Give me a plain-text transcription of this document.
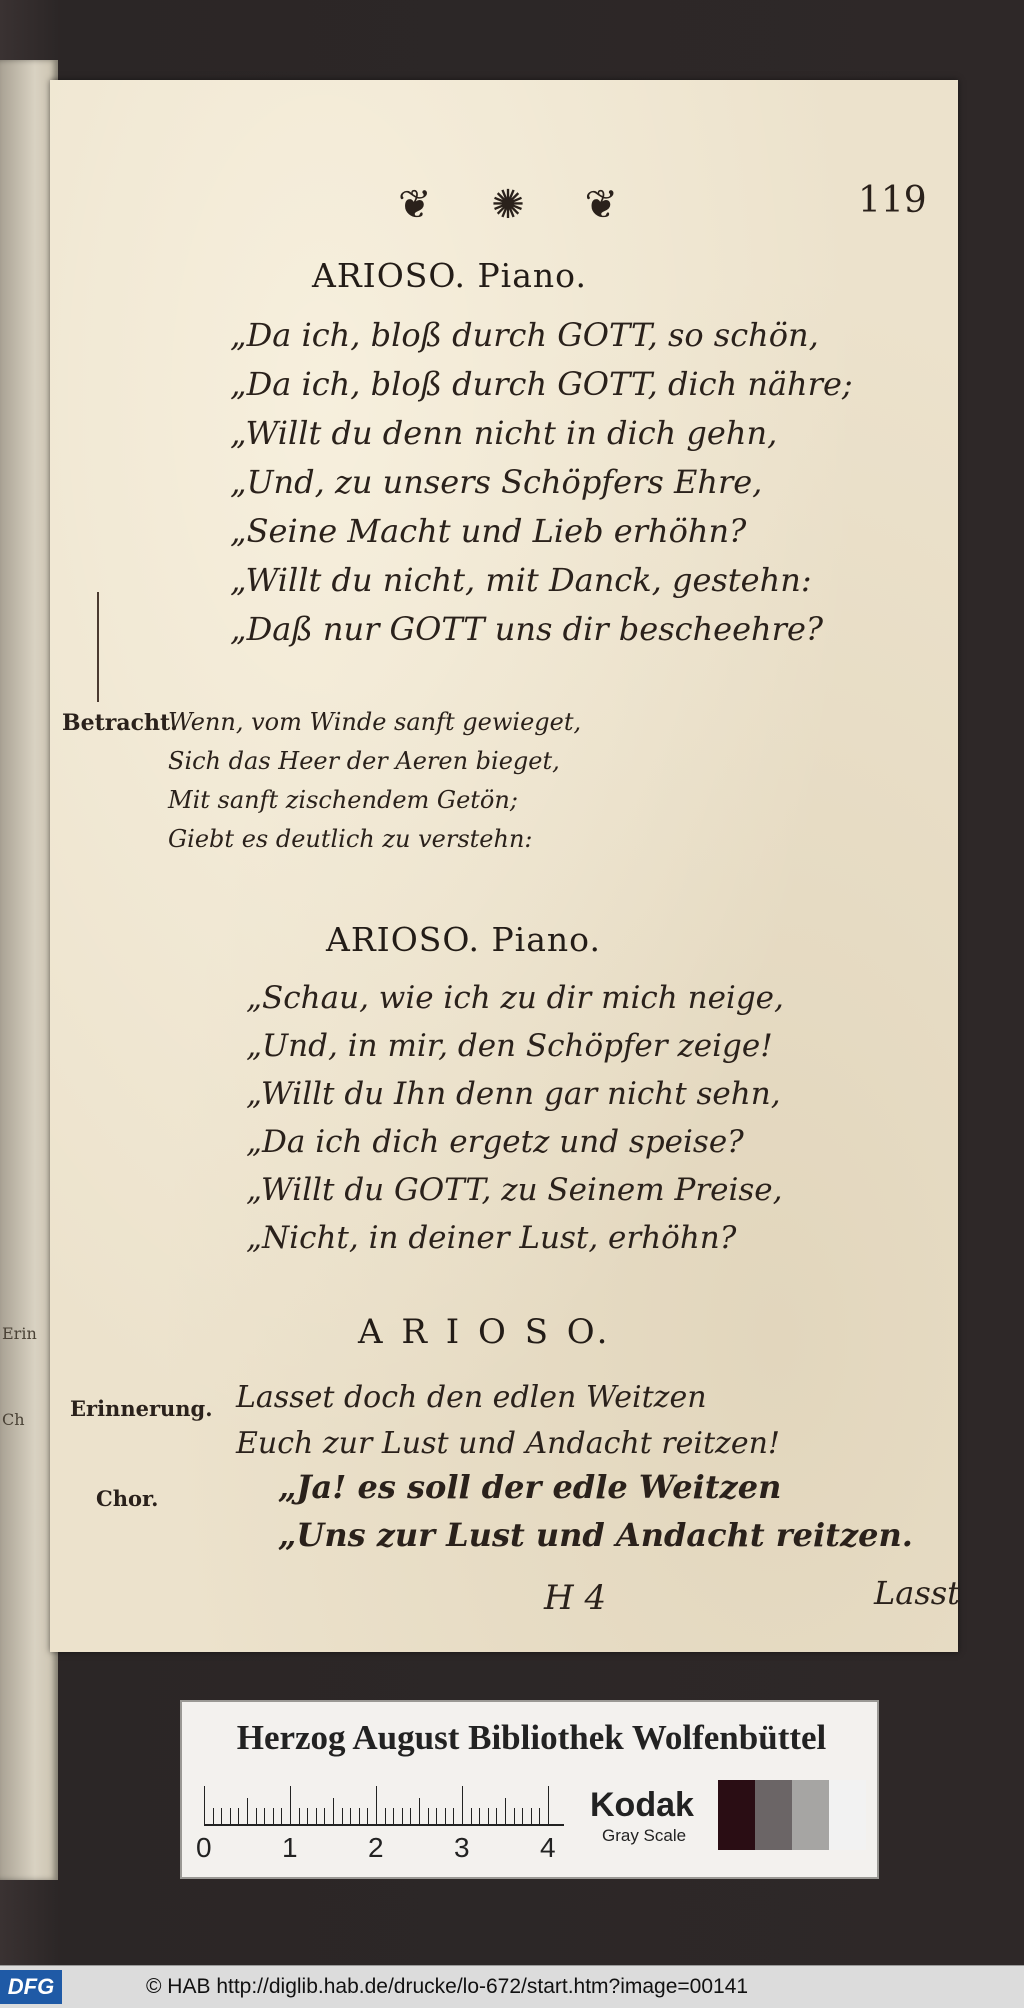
Erin
Ch
❦ ✺ ❦	119
ARIOSO. Piano.
„Da ich, bloß durch GOTT, so schön,
„Da ich, bloß durch GOTT, dich nähre;
„Willt du denn nicht in dich gehn,
„Und, zu unsers Schöpfers Ehre,
„Seine Macht und Lieb erhöhn?
„Willt du nicht, mit Danck, gestehn:
„Daß nur GOTT uns dir bescheehre?
Betracht.
Wenn, vom Winde sanft gewieget,
Sich das Heer der Aeren bieget,
Mit sanft zischendem Getön;
Giebt es deutlich zu verstehn:
ARIOSO. Piano.
„Schau, wie ich zu dir mich neige,
„Und, in mir, den Schöpfer zeige!
„Willt du Ihn denn gar nicht sehn,
„Da ich dich ergetz und speise?
„Willt du GOTT, zu Seinem Preise,
„Nicht, in deiner Lust, erhöhn?
A R I O S O.
Erinnerung. Lasset doch den edlen Weitzen
Euch zur Lust und Andacht reitzen!
Chor.	„Ja! es soll der edle Weitzen
„Uns zur Lust und Andacht reitzen.
H 4	Lasst
Herzog August Bibliothek Wolfenbüttel
0	1	2	3	4
Kodak
Gray Scale
DFG	© HAB http://diglib.hab.de/drucke/lo-672/start.htm?image=00141
